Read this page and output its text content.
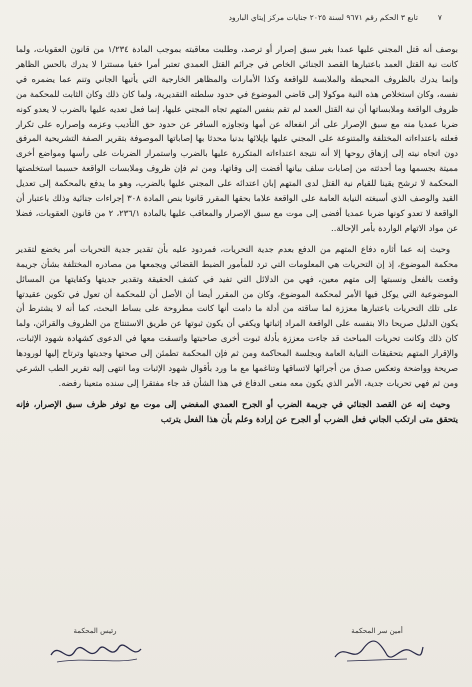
٧
تابع ٣ الحكم رقم ٩٦٧١ لسنة ٢٠٢٥ جنايات مركز إيتاي البارود

بوصف أنه قتل المجني عليها عمدا بغير سبق إصرار أو ترصد، وطلبت معاقبته بموجب المادة ١/٢٣٤ من قانون العقوبات، ولما كانت نية القتل العمد باعتبارها القصد الجنائي الخاص في جرائم القتل العمدي تعتبر أمرا خفيا مستترا لا يدرك بالحس الظاهر وإنما يدرك بالظروف المحيطة والملابسة للواقعة وكذا الأمارات والمظاهر الخارجية التي يأتيها الجاني وتنم عما يضمره في نفسه، وكان استخلاص هذه النية موكولا إلى قاضي الموضوع في حدود سلطته التقديرية، ولما كان ذلك وكان الثابت للمحكمة من ظروف الواقعة وملابساتها أن نية القتل العمد لم تقم بنفس المتهم تجاه المجني عليها، إنما فعل تعديه عليها بالضرب لا يعدو كونه ضربا عمديا منه مع سبق الإصرار على أثر انفعاله عن أمها وتجاوزه السافر عن حدود حق التأديب وعزمه وإصراره على تكرار فعلته باعتداءاته المختلفة والمتنوعة على المجني عليها بإيلائها بدنيا محدثا بها إصاباتها الموصوفة بتقرير الصفة التشريحية المرفق دون اتجاه نيته إلى إزهاق روحها إلا أنه نتيجة اعتداءاته المتكررة عليها بالضرب واستمرار الضربات على رأسها ومواضع أخرى مميتة بجسمها وما أحدثته من إصابات سلف بيانها أفضت إلى وفاتها، ومن ثم فإن ظروف وملابسات الواقعة حسبما استخلصتها المحكمة لا ترشح يقينا للقيام نية القتل لدى المتهم إبان اعتدائه على المجني عليها بالضرب، وهو ما يدفع بالمحكمة إلى تعديل القيد والوصف الذي أسبغته النيابة العامة على الواقعة علاما بحقها المقرر قانونا بنص المادة ٣٠٨ إجراءات جنائية وذلك باعتبار أن الواقعة لا تعدو كونها ضربا عمديا أفضى إلى موت مع سبق الإصرار والمعاقب عليها بالمادة ٢٣٦/١، ٢ من قانون العقوبات، فضلا عن مواد الاتهام الواردة بأمر الإحالة..

وحيث إنه عما أثاره دفاع المتهم من الدفع بعدم جدية التحريات، فمردود عليه بأن تقدير جدية التحريات أمر يخضع لتقدير محكمة الموضوع، إذ إن التحريات هي المعلومات التي ترد للمأمور الضبط القضائي ويجمعها من مصادره المختلفة بشأن جريمة وقعت بالفعل ونسبتها إلى متهم معين، فهي من الدلائل التي تفيد في كشف الحقيقة وتقدير جديتها وكفايتها من المسائل الموضوعية التي يوكل فيها الأمر لمحكمة الموضوع، وكان من المقرر أيضا أن الأصل أن للمحكمة أن تعول في تكوين عقيدتها على تلك التحريات باعتبارها معززة لما ساقته من أدلة ما دامت أنها كانت مطروحة على بساط البحث، كما أنه لا يشترط أن يكون الدليل صريحا دالا بنفسه على الواقعة المراد إثباتها ويكفي أن يكون ثبوتها عن طريق الاستنتاج من الظروف والقرائن، ولما كان ذلك وكانت تحريات المباحث قد جاءت معززة بأدلة ثبوت أخرى صاحبتها واتسقت معها في الدعوى كشهادة شهود الإثبات، والإقرار المتهم بتحقيقات النيابة العامة وبجلسة المحاكمة ومن ثم فإن المحكمة تطمئن إلى صحتها وجديتها وترتاح إليها لورودها صريحة وواضحة وتعكس صدق من أجرائها لاتساقها وتناغمها مع ما ورد بأقوال شهود الإثبات وما انتهى إليه تقرير الطب الشرعي ومن ثم فهي تحريات جدية، الأمر الذي يكون معه منعى الدفاع في هذا الشأن قد جاء مفتقرا إلى سنده متعينا رفضه.

وحيث إنه عن القصد الجنائي في جريمة الضرب أو الجرح العمدي المفضي إلى موت مع توفر ظرف سبق الإصرار، فإنه يتحقق متى ارتكب الجاني فعل الضرب أو الجرح عن إرادة وعلم بأن هذا الفعل يترتب

أمين سر المحكمة
رئيس المحكمة
